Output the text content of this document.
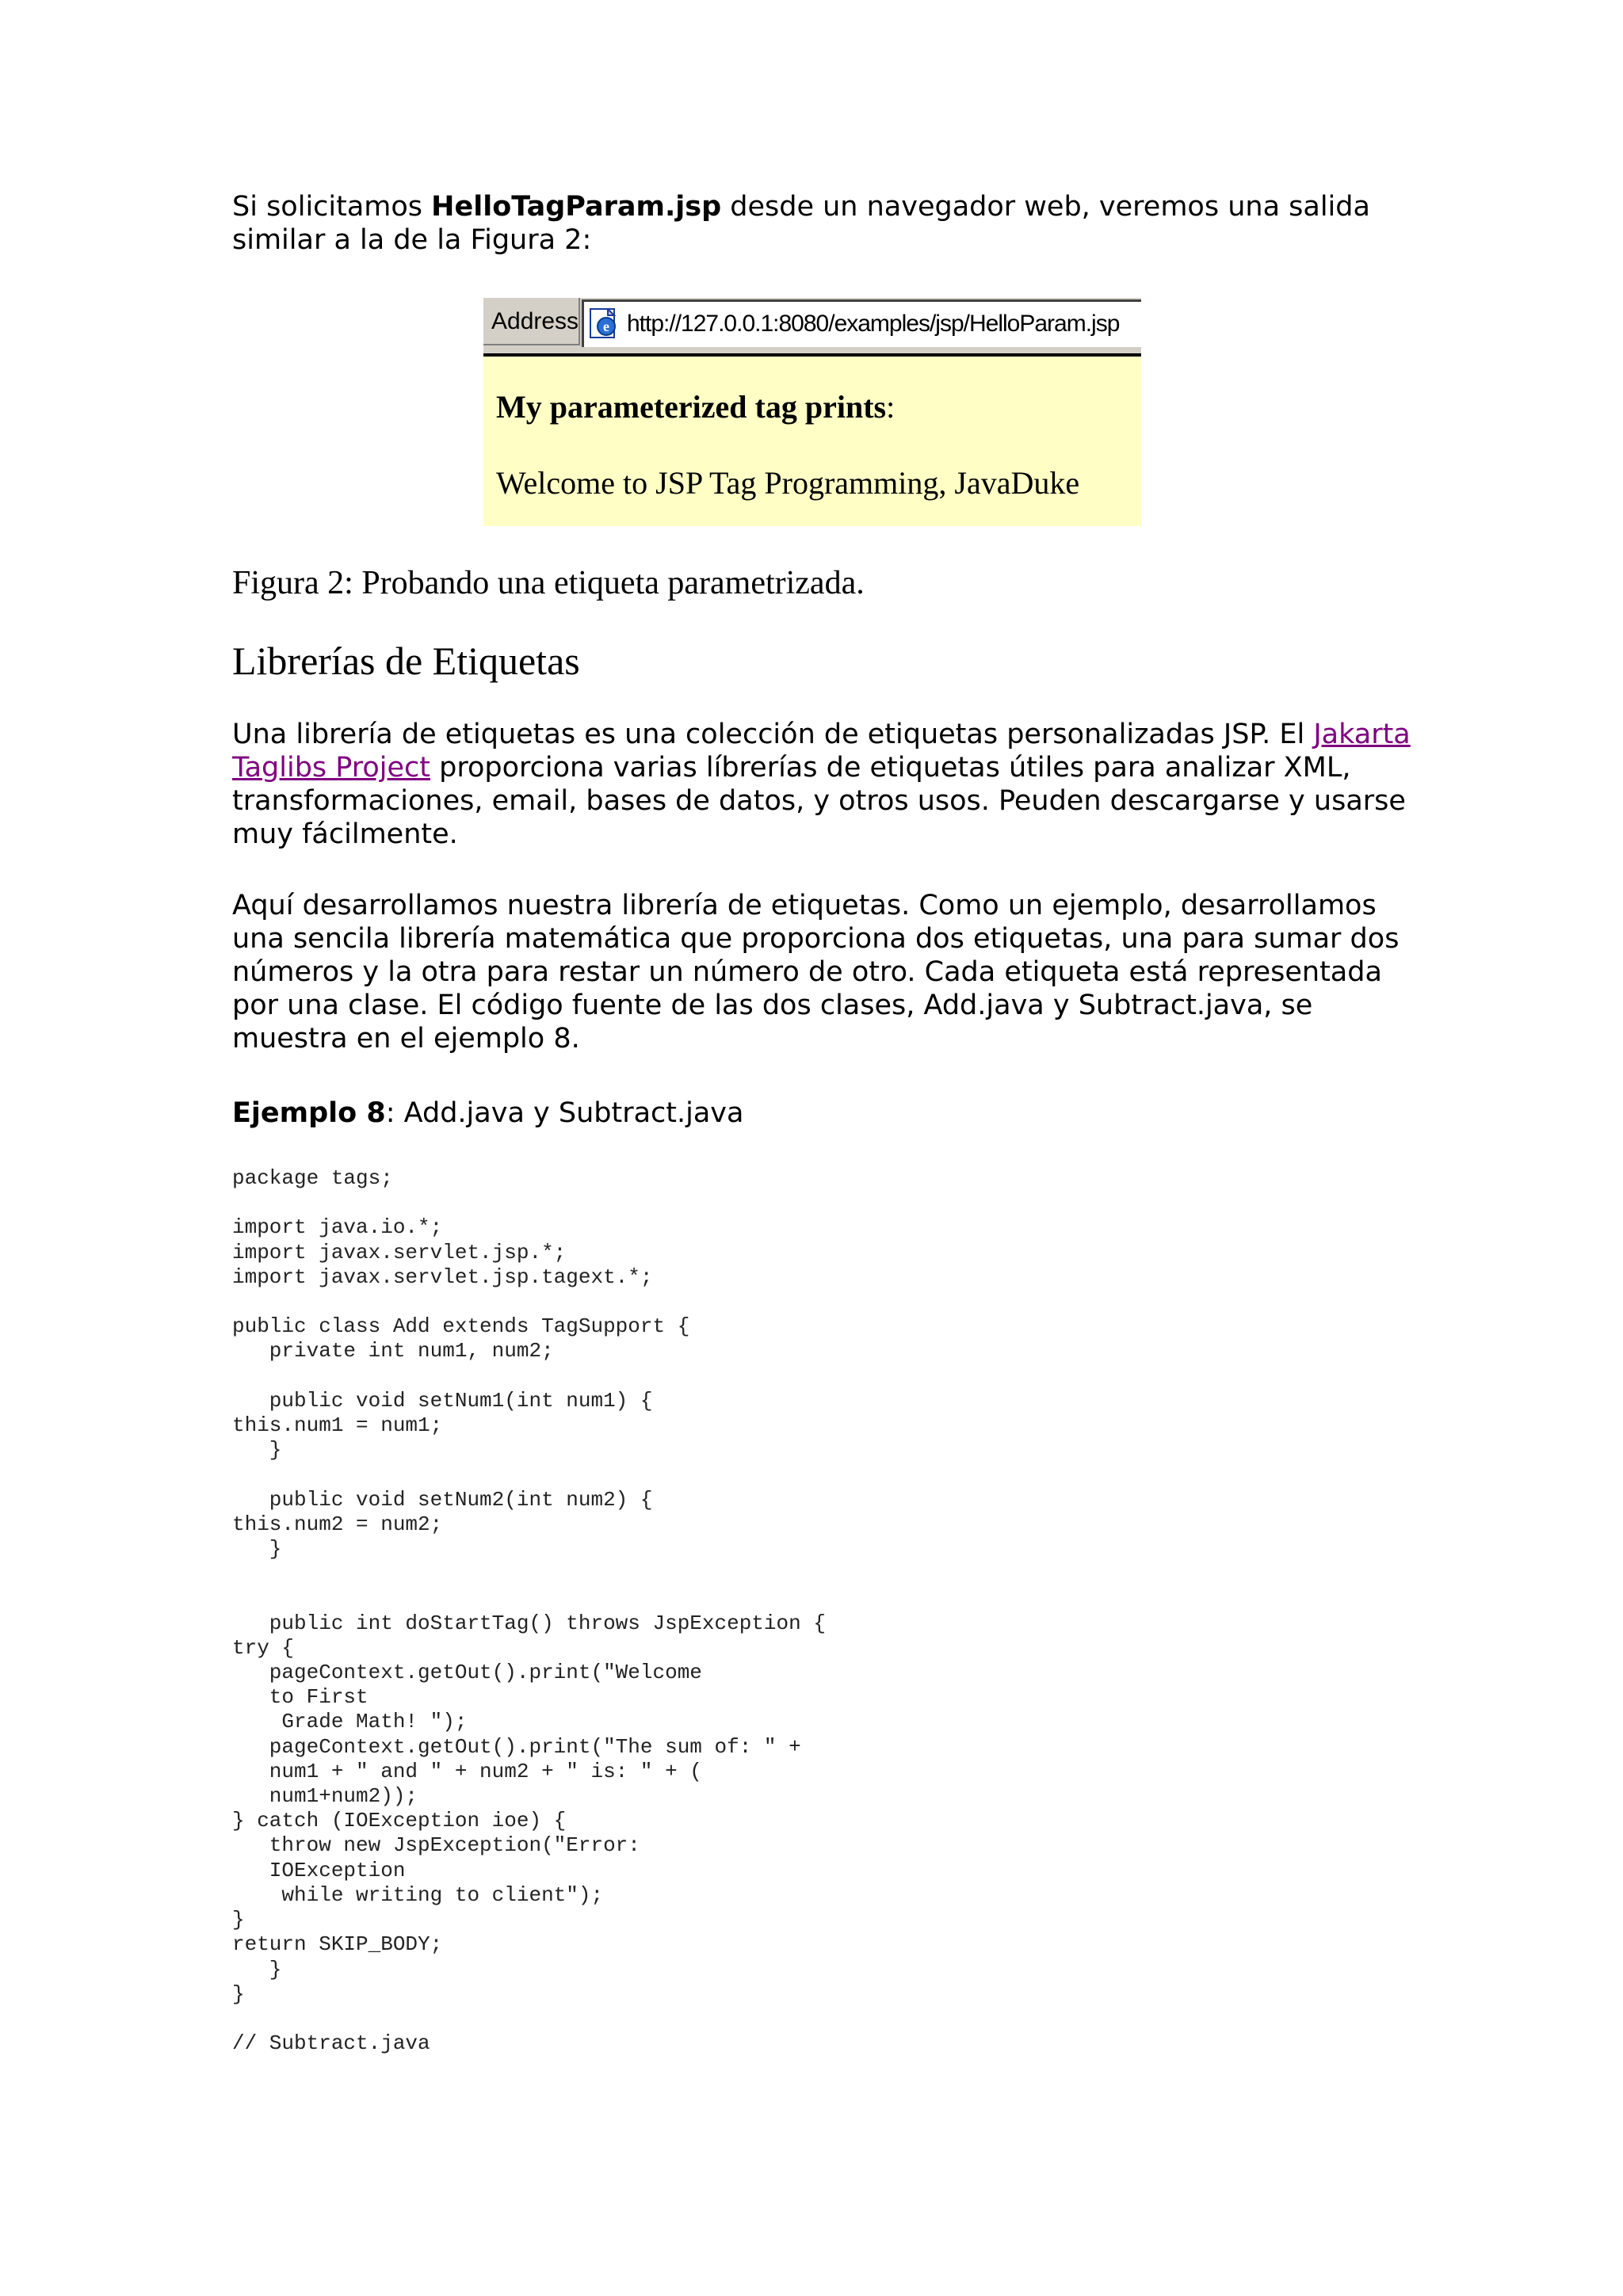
Si solicitamos HelloTagParam.jsp desde un navegador web, veremos una salida similar a la de la Figura 2:

Address e http://127.0.0.1:8080/examples/jsp/HelloParam.jsp
My parameterized tag prints:
Welcome to JSP Tag Programming, JavaDuke

Figura 2: Probando una etiqueta parametrizada.

Librerías de Etiquetas

Una librería de etiquetas es una colección de etiquetas personalizadas JSP. El Jakarta Taglibs Project proporciona varias líbrerías de etiquetas útiles para analizar XML, transformaciones, email, bases de datos, y otros usos. Peuden descargarse y usarse muy fácilmente.

Aquí desarrollamos nuestra librería de etiquetas. Como un ejemplo, desarrollamos una sencila librería matemática que proporciona dos etiquetas, una para sumar dos números y la otra para restar un número de otro. Cada etiqueta está representada por una clase. El código fuente de las dos clases, Add.java y Subtract.java, se muestra en el ejemplo 8.

Ejemplo 8: Add.java y Subtract.java

package tags;

import java.io.*;
import javax.servlet.jsp.*;
import javax.servlet.jsp.tagext.*;

public class Add extends TagSupport {
private int num1, num2;

public void setNum1(int num1) {
this.num1 = num1;
}

public void setNum2(int num2) {
this.num2 = num2;
}

public int doStartTag() throws JspException {
try {
pageContext.getOut().print("Welcome
to First
Grade Math! ");
pageContext.getOut().print("The sum of: " +
num1 + " and " + num2 + " is: " + (
num1+num2));
} catch (IOException ioe) {
throw new JspException("Error:
IOException
while writing to client");
}
return SKIP_BODY;
}
}

// Subtract.java
